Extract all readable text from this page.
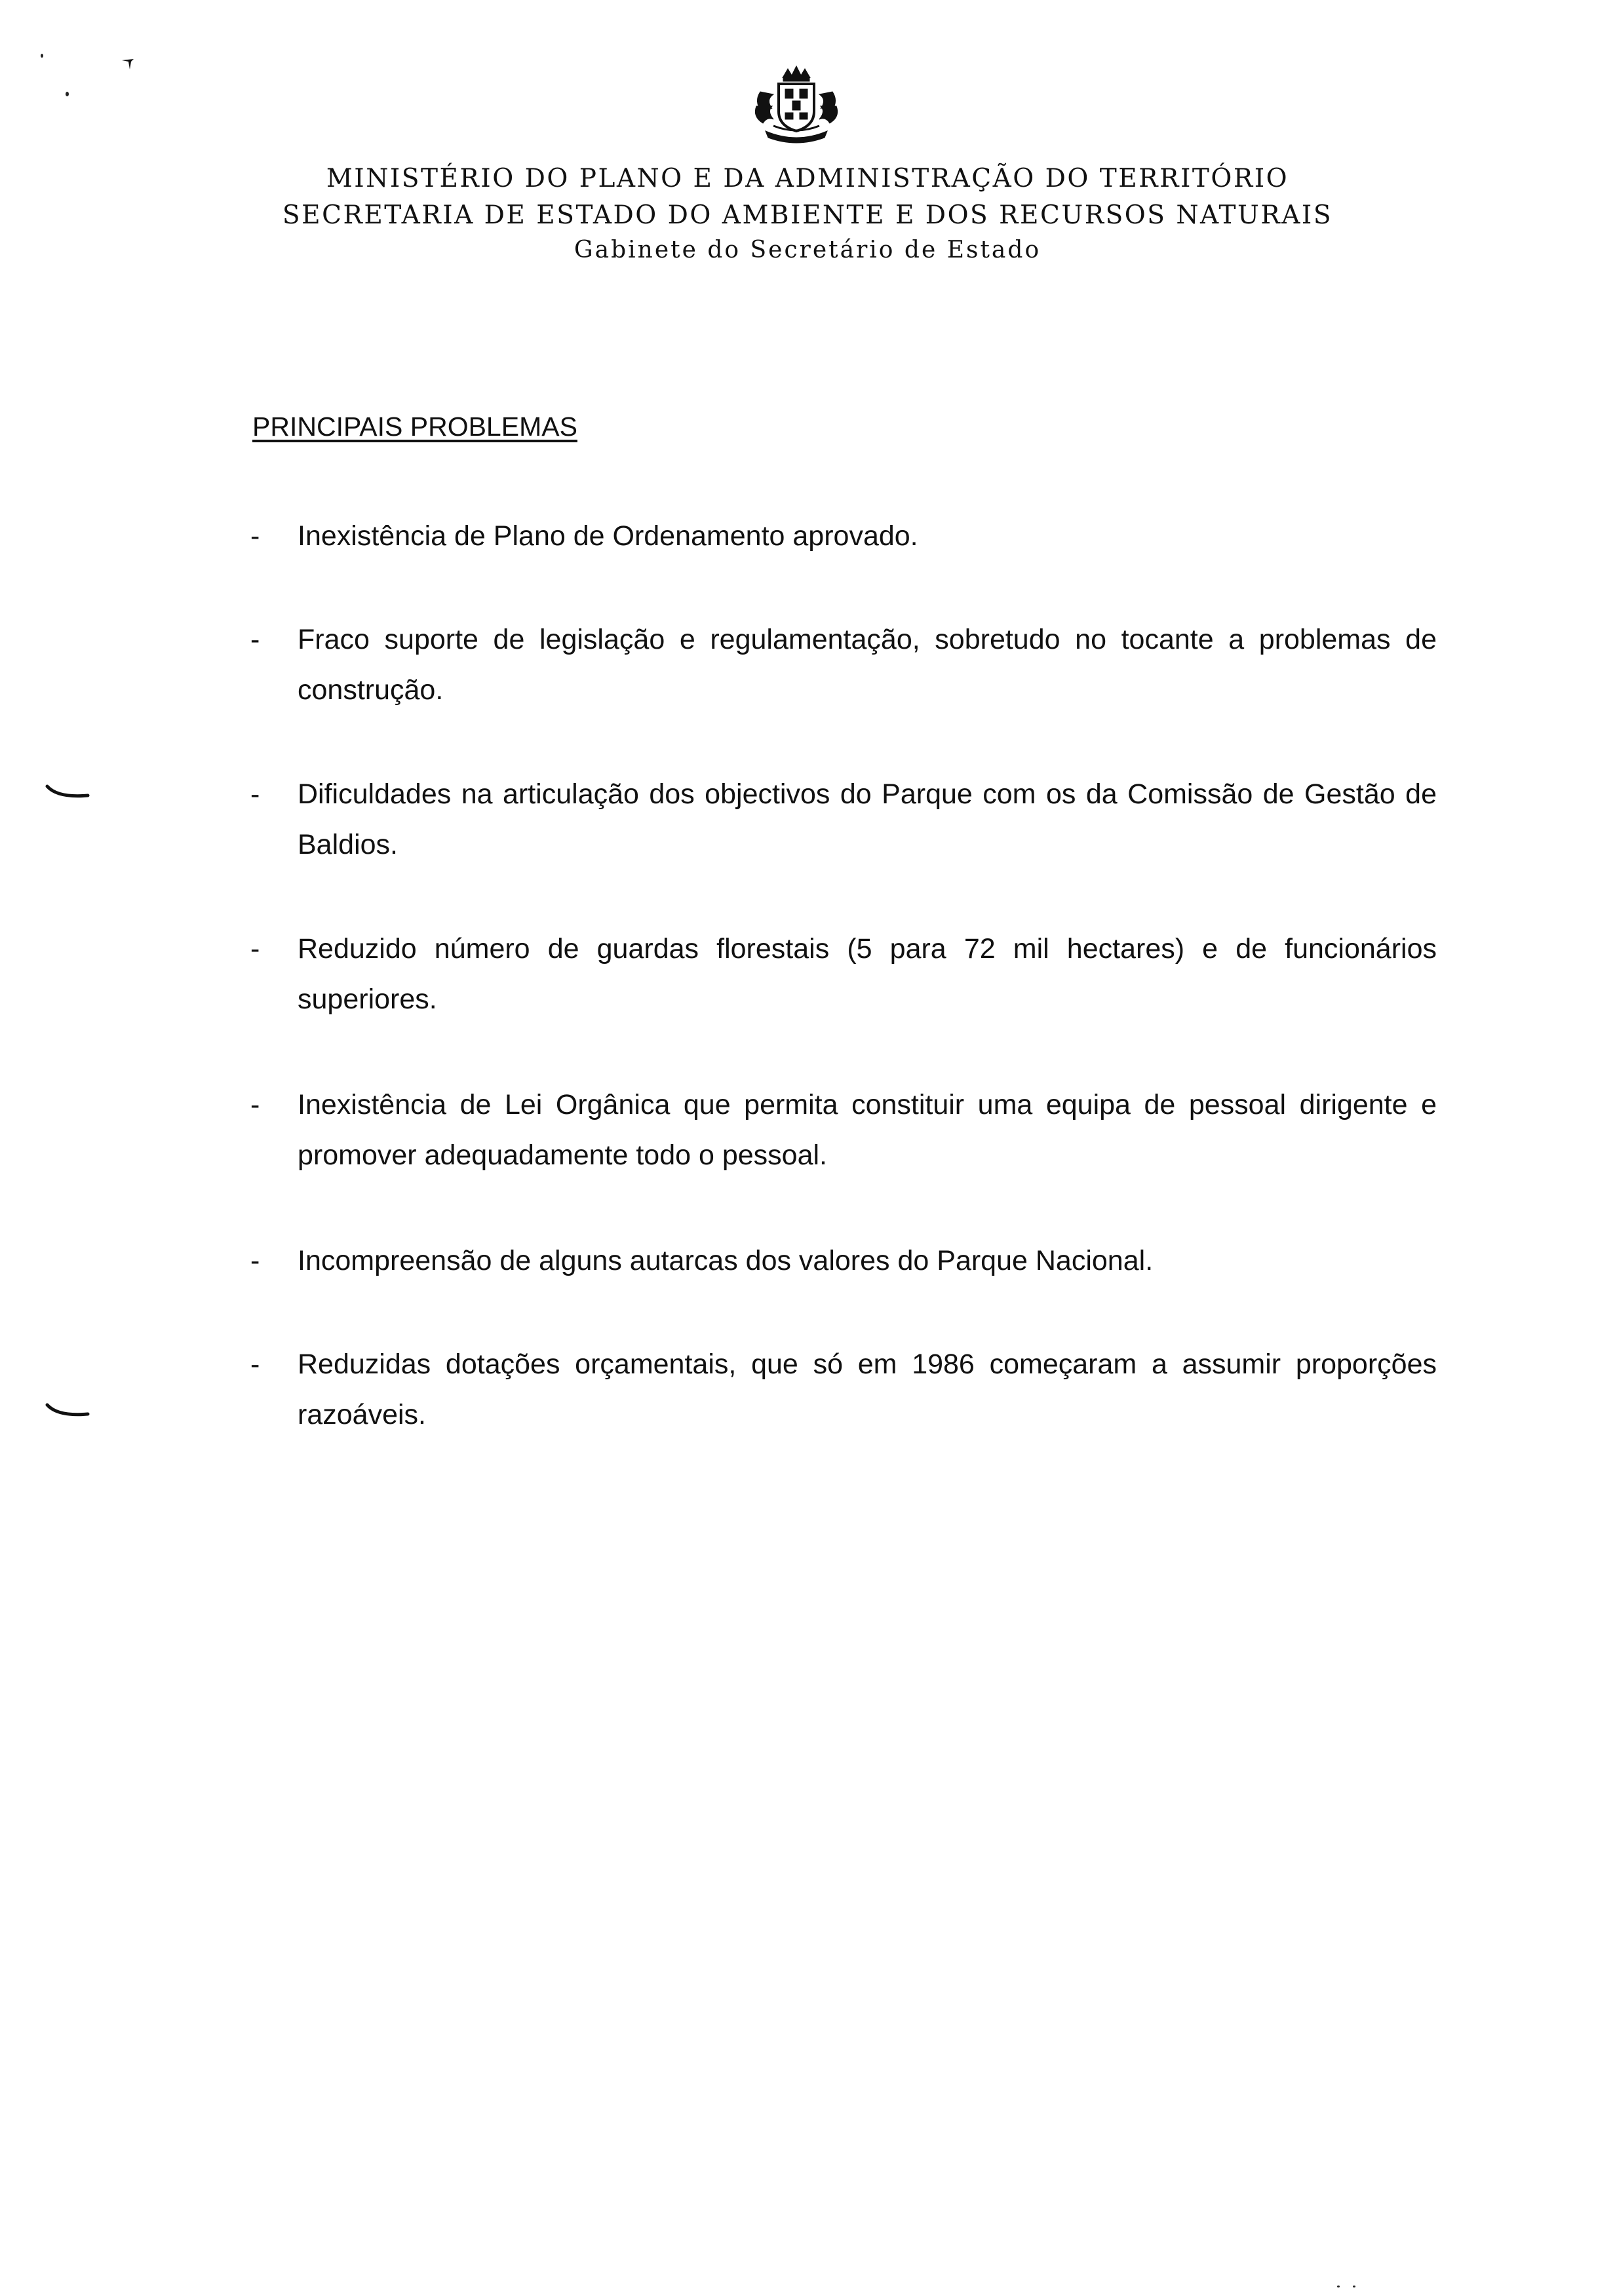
MINISTÉRIO DO PLANO E DA ADMINISTRAÇÃO DO TERRITÓRIO
SECRETARIA DE ESTADO DO AMBIENTE E DOS RECURSOS NATURAIS
Gabinete do Secretário de Estado
PRINCIPAIS PROBLEMAS
-	Inexistência de Plano de Ordenamento aprovado.
-	Fraco suporte de legislação e regulamentação, sobretudo no tocante a problemas de construção.
-	Dificuldades na articulação dos objectivos do Parque com os da Comissão de Gestão de Baldios.
-	Reduzido número de guardas florestais (5 para 72 mil hectares) e de funcionários superiores.
-	Inexistência de Lei Orgânica que permita constituir uma equipa de pessoal dirigente e promover adequadamente todo o pessoal.
-	Incompreensão de alguns autarcas dos valores do Parque Nacional.
-	Reduzidas dotações orçamentais, que só em 1986 começaram a assumir proporções razoáveis.
